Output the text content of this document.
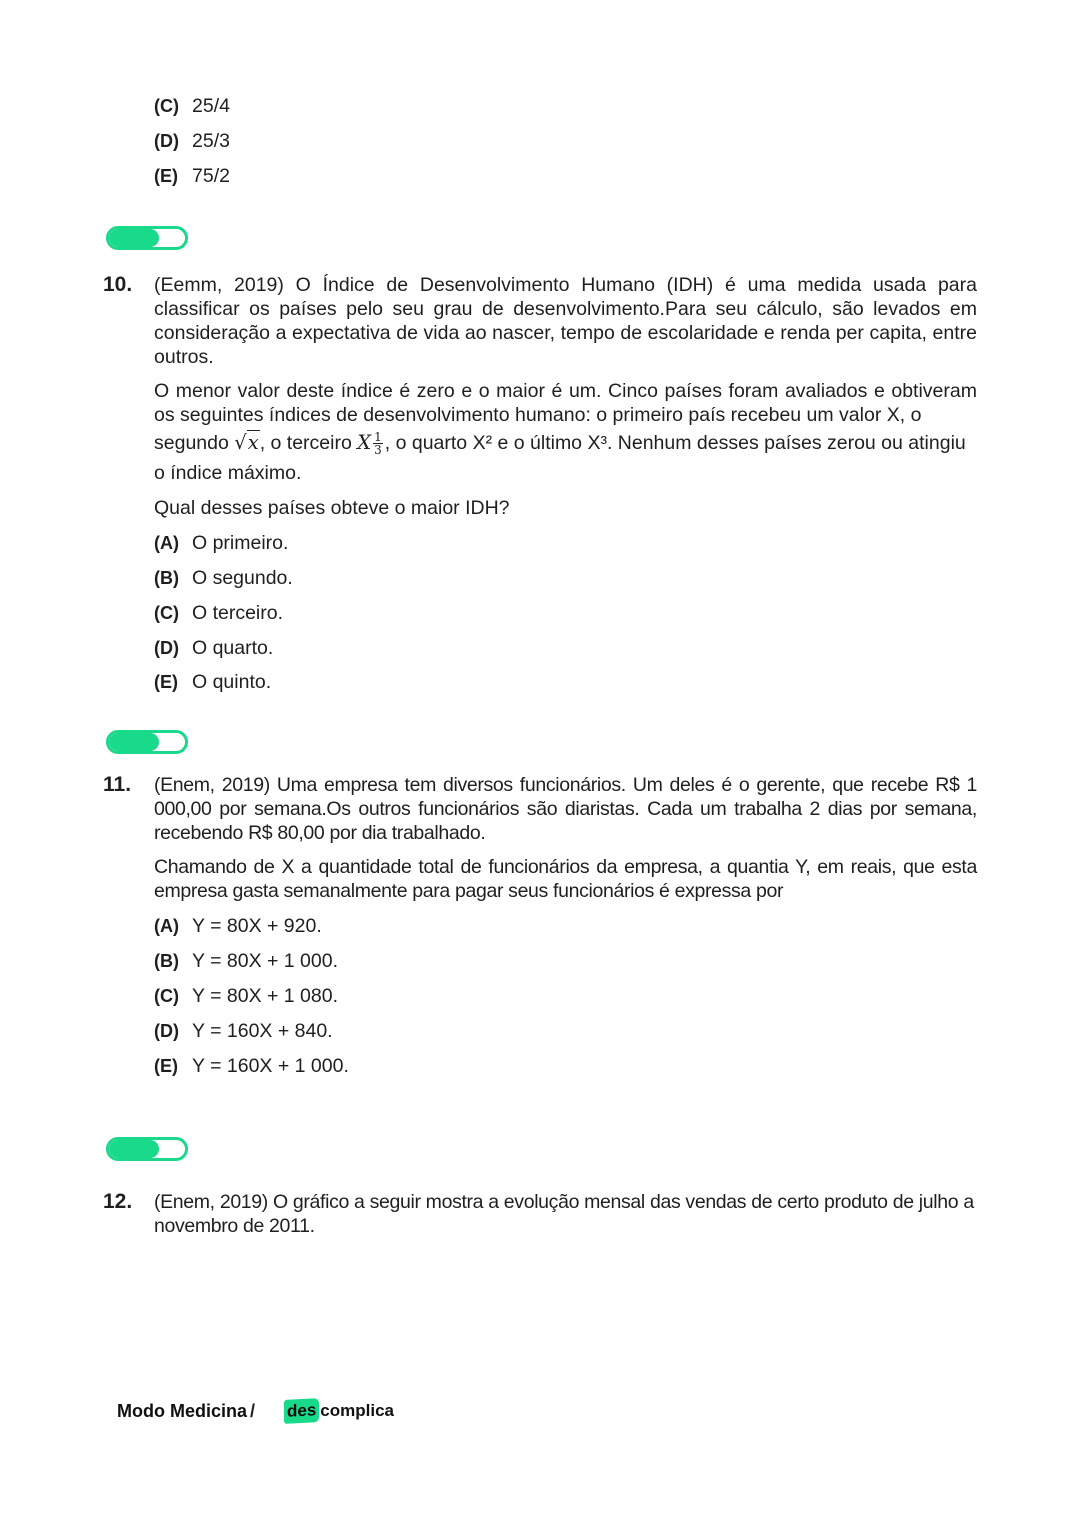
(C) 25/4
(D) 25/3
(E) 75/2
10. (Eemm, 2019) O Índice de Desenvolvimento Humano (IDH) é uma medida usada para classificar os países pelo seu grau de desenvolvimento.Para seu cálculo, são levados em consideração a expectativa de vida ao nascer, tempo de escolaridade e renda per capita, entre outros.
O menor valor deste índice é zero e o maior é um. Cinco países foram avaliados e obtiveram os seguintes índices de desenvolvimento humano: o primeiro país recebeu um valor X, o
segundo √x, o terceiro X $\frac{1}{3}$ , o quarto X² e o último X³. Nenhum desses países zerou ou atingiu
o índice máximo.
Qual desses países obteve o maior IDH?
(A) O primeiro.
(B) O segundo.
(C) O terceiro.
(D) O quarto.
(E) O quinto.
11. (Enem, 2019) Uma empresa tem diversos funcionários. Um deles é o gerente, que recebe R$ 1 000,00 por semana.Os outros funcionários são diaristas. Cada um trabalha 2 dias por semana, recebendo R$ 80,00 por dia trabalhado.
Chamando de X a quantidade total de funcionários da empresa, a quantia Y, em reais, que esta empresa gasta semanalmente para pagar seus funcionários é expressa por
(A) Y = 80X + 920.
(B) Y = 80X + 1 000.
(C) Y = 80X + 1 080.
(D) Y = 160X + 840.
(E) Y = 160X + 1 000.
12. (Enem, 2019) O gráfico a seguir mostra a evolução mensal das vendas de certo produto de julho a novembro de 2011.
Modo Medicina / des complica
